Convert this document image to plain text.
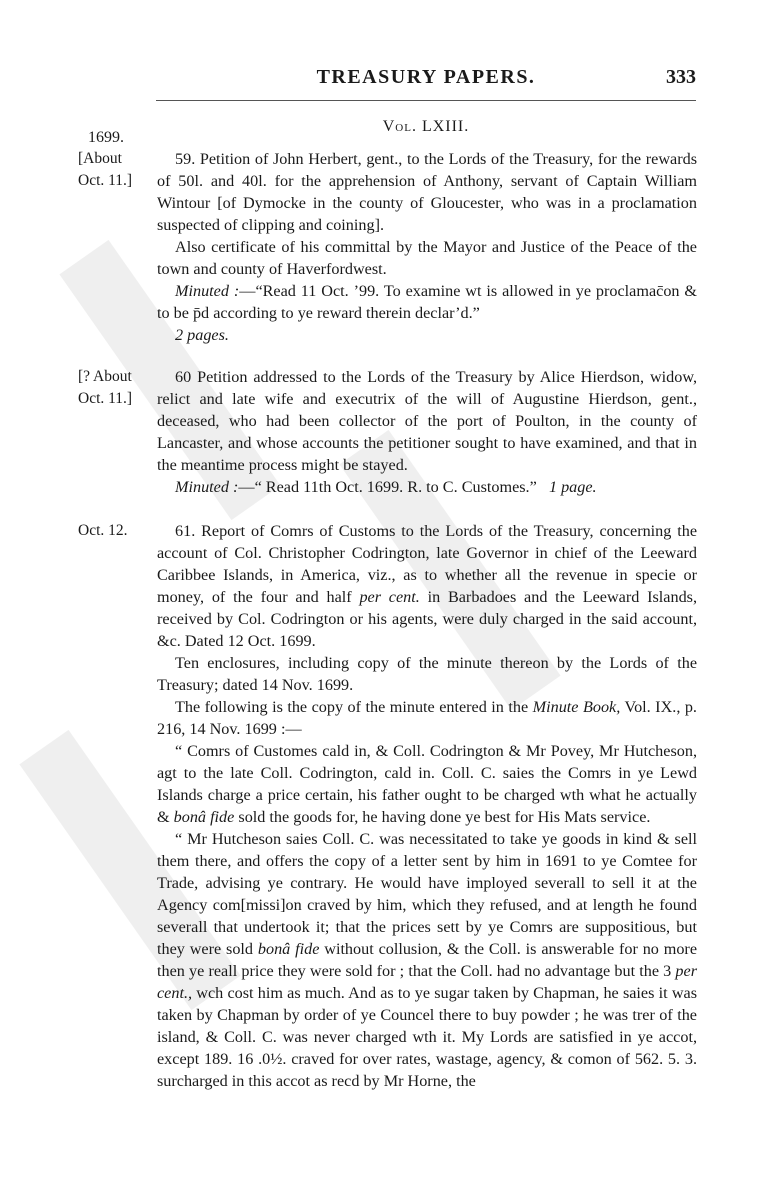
TREASURY PAPERS.	333
Vol. LXIII.
1699.
[About
Oct. 11.]

59. Petition of John Herbert, gent., to the Lords of the Treasury, for the rewards of 50l. and 40l. for the apprehension of Anthony, servant of Captain William Wintour [of Dymocke in the county of Gloucester, who was in a proclamation suspected of clipping and coining].

Also certificate of his committal by the Mayor and Justice of the Peace of the town and county of Haverfordwest.

Minuted :—“Read 11 Oct. ’99. To examine wt is allowed in ye proclamac̄on & to be p̄d according to ye reward therein declar’d.”

2 pages.

[? About
Oct. 11.]

60 Petition addressed to the Lords of the Treasury by Alice Hierdson, widow, relict and late wife and executrix of the will of Augustine Hierdson, gent., deceased, who had been collector of the port of Poulton, in the county of Lancaster, and whose accounts the petitioner sought to have examined, and that in the meantime process might be stayed.

Minuted :—“ Read 11th Oct. 1699. R. to C. Customes.” 1 page.

Oct. 12.	61. Report of Comrs of Customs to the Lords of the Treasury, concerning the account of Col. Christopher Codrington, late Governor in chief of the Leeward Caribbee Islands, in America, viz., as to whether all the revenue in specie or money, of the four and half per cent. in Barbadoes and the Leeward Islands, received by Col. Codrington or his agents, were duly charged in the said account, &c. Dated 12 Oct. 1699.

Ten enclosures, including copy of the minute thereon by the Lords of the Treasury; dated 14 Nov. 1699.

The following is the copy of the minute entered in the Minute Book, Vol. IX., p. 216, 14 Nov. 1699 :—

“ Comrs of Customes cald in, & Coll. Codrington & Mr Povey, Mr Hutcheson, agt to the late Coll. Codrington, cald in. Coll. C. saies the Comrs in ye Lewd Islands charge a price certain, his father ought to be charged wth what he actually & bonâ fide sold the goods for, he having done ye best for His Mats service.

“ Mr Hutcheson saies Coll. C. was necessitated to take ye goods in kind & sell them there, and offers the copy of a letter sent by him in 1691 to ye Comtee for Trade, advising ye contrary. He would have imployed severall to sell it at the Agency com[missi]on craved by him, which they refused, and at length he found severall that undertook it; that the prices sett by ye Comrs are suppositious, but they were sold bonâ fide without collusion, & the Coll. is answerable for no more then ye reall price they were sold for ; that the Coll. had no advantage but the 3 per cent., wch cost him as much. And as to ye sugar taken by Chapman, he saies it was taken by Chapman by order of ye Councel there to buy powder ; he was trer of the island, & Coll. C. was never charged wth it. My Lords are satisfied in ye accot, except 189. 16 .0½. craved for over rates, wastage, agency, & comon of 562. 5. 3. surcharged in this accot as recd by Mr Horne, the
